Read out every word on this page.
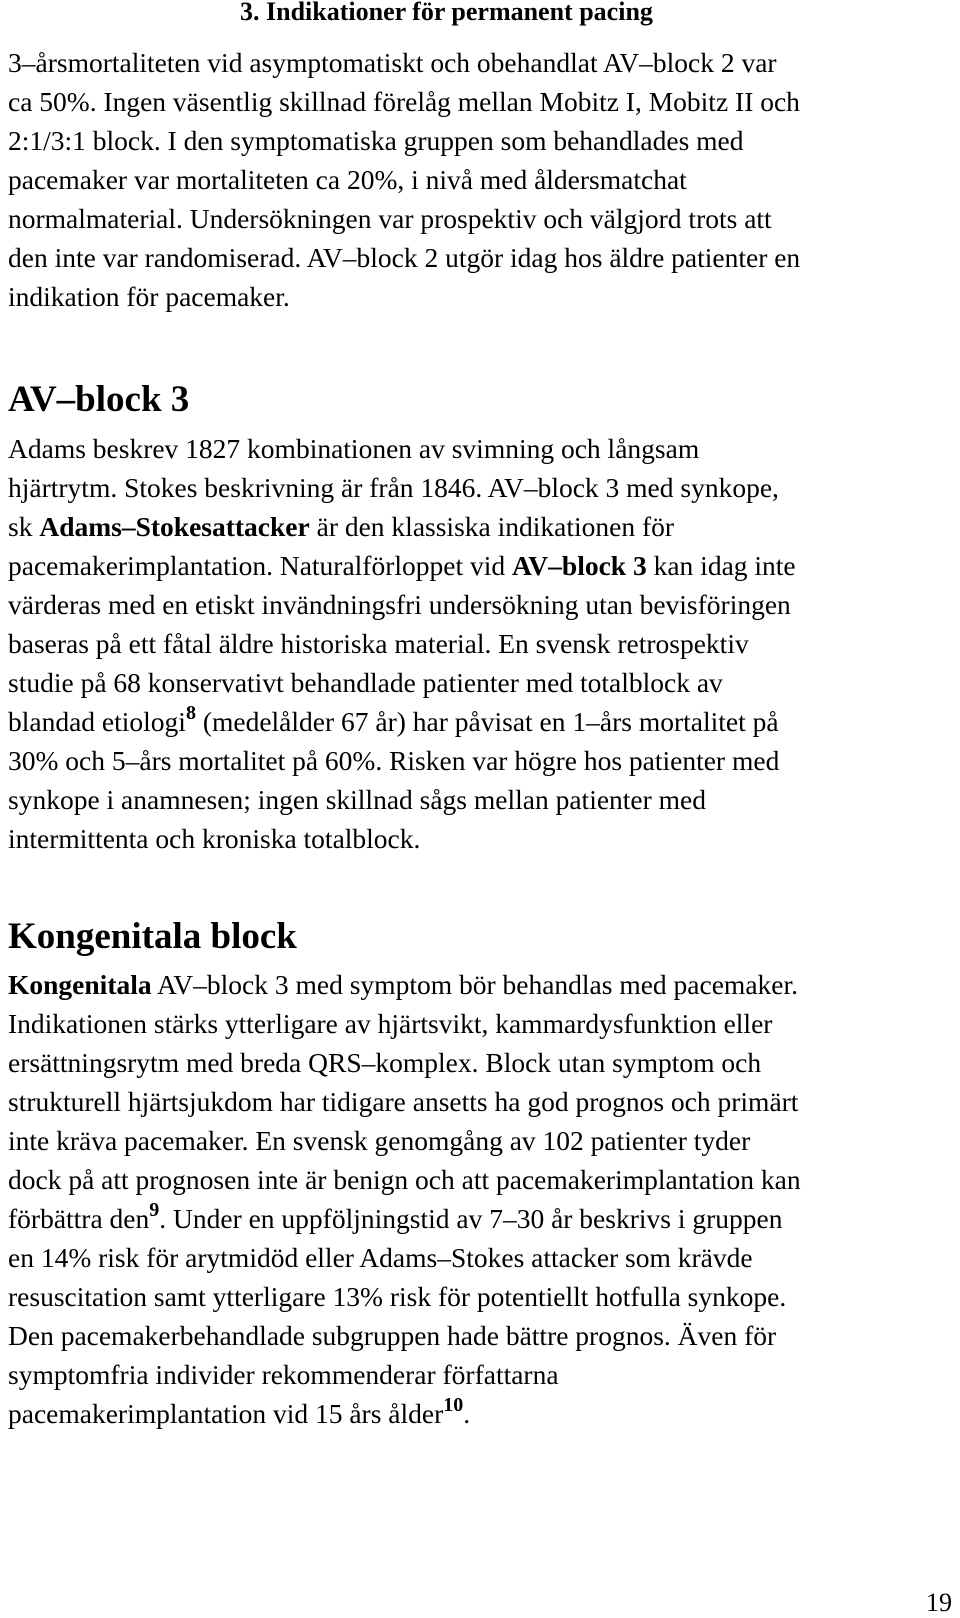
3. Indikationer för permanent pacing
3–årsmortaliteten vid asymptomatiskt och obehandlat AV–block 2 var
ca 50%. Ingen väsentlig skillnad förelåg mellan Mobitz I, Mobitz II och
2:1/3:1 block. I den symptomatiska gruppen som behandlades med
pacemaker var mortaliteten ca 20%, i nivå med åldersmatchat
normalmaterial. Undersökningen var prospektiv och välgjord trots att
den inte var randomiserad. AV–block 2 utgör idag hos äldre patienter en
indikation för pacemaker.
AV–block 3
Adams beskrev 1827 kombinationen av svimning och långsam
hjärtrytm. Stokes beskrivning är från 1846. AV–block 3 med synkope,
sk Adams–Stokesattacker är den klassiska indikationen för
pacemakerimplantation. Naturalförloppet vid AV–block 3 kan idag inte
värderas med en etiskt invändningsfri undersökning utan bevisföringen
baseras på ett fåtal äldre historiska material. En svensk retrospektiv
studie på 68 konservativt behandlade patienter med totalblock av
blandad etiologi$^8$ (medelålder 67 år) har påvisat en 1–års mortalitet på
30% och 5–års mortalitet på 60%. Risken var högre hos patienter med
synkope i anamnesen; ingen skillnad sågs mellan patienter med
intermittenta och kroniska totalblock.
Kongenitala block
Kongenitala AV–block 3 med symptom bör behandlas med pacemaker.
Indikationen stärks ytterligare av hjärtsvikt, kammardysfunktion eller
ersättningsrytm med breda QRS–komplex. Block utan symptom och
strukturell hjärtsjukdom har tidigare ansetts ha god prognos och primärt
inte kräva pacemaker. En svensk genomgång av 102 patienter tyder
dock på att prognosen inte är benign och att pacemakerimplantation kan
förbättra den$^9$. Under en uppföljningstid av 7–30 år beskrivs i gruppen
en 14% risk för arytmidöd eller Adams–Stokes attacker som krävde
resuscitation samt ytterligare 13% risk för potentiellt hotfulla synkope.
Den pacemakerbehandlade subgruppen hade bättre prognos. Även för
symptomfria individer rekommenderar författarna
pacemakerimplantation vid 15 års ålder$^{10}$.
19
